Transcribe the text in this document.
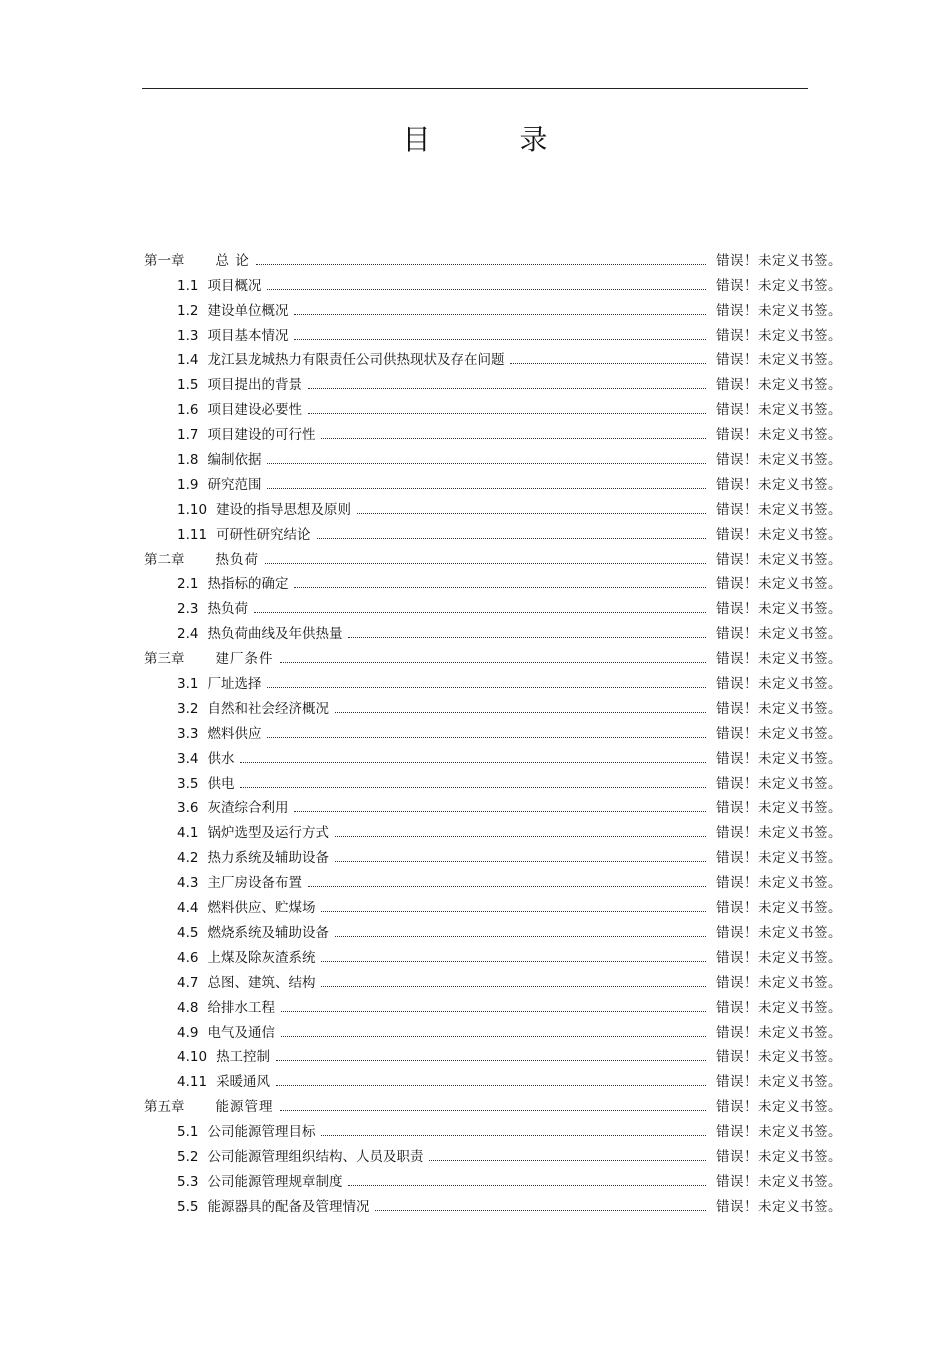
目 录
第一章 总 论	错误！未定义书签。
1.1 项目概况	错误！未定义书签。
1.2 建设单位概况	错误！未定义书签。
1.3 项目基本情况	错误！未定义书签。
1.4 龙江县龙城热力有限责任公司供热现状及存在问题	错误！未定义书签。
1.5 项目提出的背景	错误！未定义书签。
1.6 项目建设必要性	错误！未定义书签。
1.7 项目建设的可行性	错误！未定义书签。
1.8 编制依据	错误！未定义书签。
1.9 研究范围	错误！未定义书签。
1.10 建设的指导思想及原则	错误！未定义书签。
1.11 可研性研究结论	错误！未定义书签。
第二章 热负荷	错误！未定义书签。
2.1 热指标的确定	错误！未定义书签。
2.3 热负荷	错误！未定义书签。
2.4 热负荷曲线及年供热量	错误！未定义书签。
第三章 建厂条件	错误！未定义书签。
3.1 厂址选择	错误！未定义书签。
3.2 自然和社会经济概况	错误！未定义书签。
3.3 燃料供应	错误！未定义书签。
3.4 供水	错误！未定义书签。
3.5 供电	错误！未定义书签。
3.6 灰渣综合利用	错误！未定义书签。
4.1 锅炉选型及运行方式	错误！未定义书签。
4.2 热力系统及辅助设备	错误！未定义书签。
4.3 主厂房设备布置	错误！未定义书签。
4.4 燃料供应、贮煤场	错误！未定义书签。
4.5 燃烧系统及辅助设备	错误！未定义书签。
4.6 上煤及除灰渣系统	错误！未定义书签。
4.7 总图、建筑、结构	错误！未定义书签。
4.8 给排水工程	错误！未定义书签。
4.9 电气及通信	错误！未定义书签。
4.10 热工控制	错误！未定义书签。
4.11 采暖通风	错误！未定义书签。
第五章 能源管理	错误！未定义书签。
5.1 公司能源管理目标	错误！未定义书签。
5.2 公司能源管理组织结构、人员及职责	错误！未定义书签。
5.3 公司能源管理规章制度	错误！未定义书签。
5.5 能源器具的配备及管理情况	错误！未定义书签。
